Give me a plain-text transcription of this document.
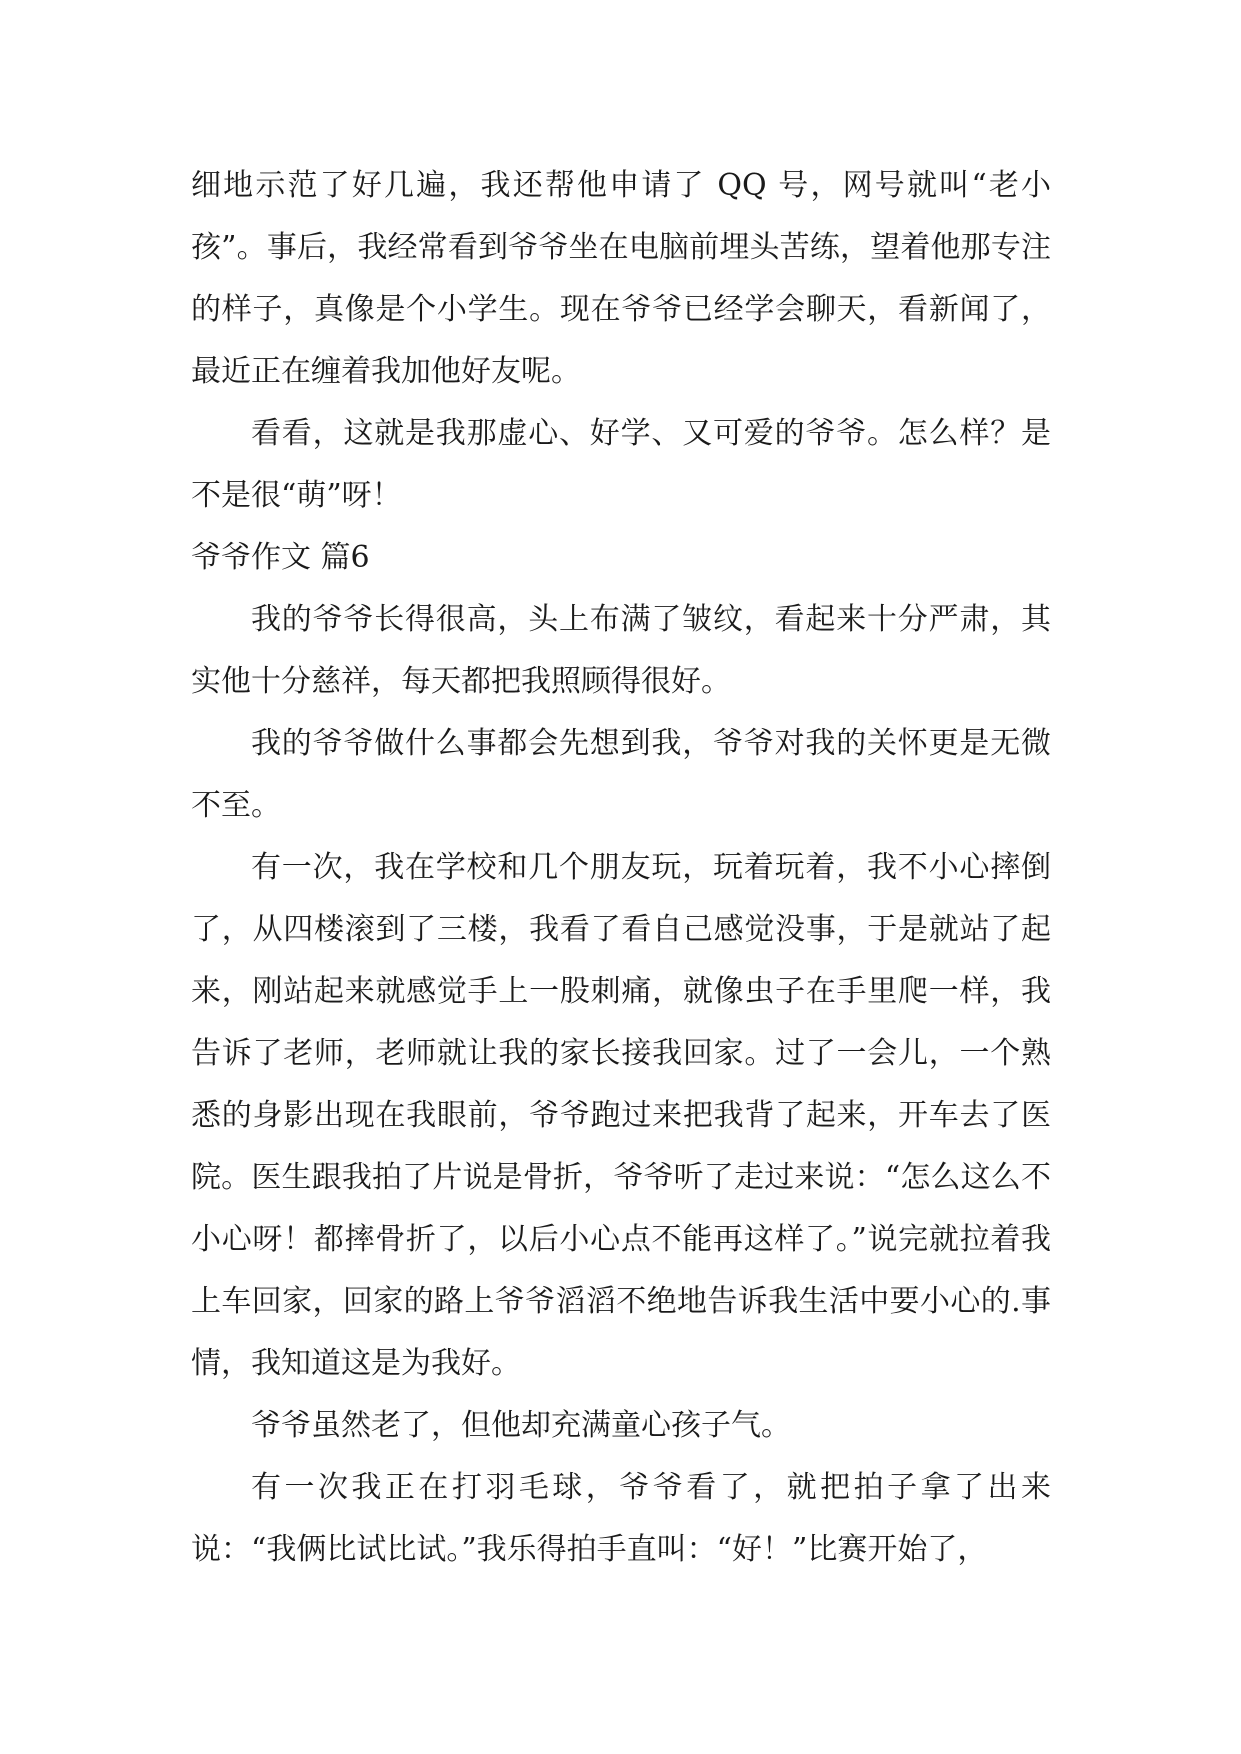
细地示范了好几遍，我还帮他申请了 QQ 号，网号就叫“老小孩”。事后，我经常看到爷爷坐在电脑前埋头苦练，望着他那专注的样子，真像是个小学生。现在爷爷已经学会聊天，看新闻了，最近正在缠着我加他好友呢。

看看，这就是我那虚心、好学、又可爱的爷爷。怎么样？是不是很“萌”呀！

爷爷作文 篇6

我的爷爷长得很高，头上布满了皱纹，看起来十分严肃，其实他十分慈祥，每天都把我照顾得很好。

我的爷爷做什么事都会先想到我，爷爷对我的关怀更是无微不至。

有一次，我在学校和几个朋友玩，玩着玩着，我不小心摔倒了，从四楼滚到了三楼，我看了看自己感觉没事，于是就站了起来，刚站起来就感觉手上一股刺痛，就像虫子在手里爬一样，我告诉了老师，老师就让我的家长接我回家。过了一会儿，一个熟悉的身影出现在我眼前，爷爷跑过来把我背了起来，开车去了医院。医生跟我拍了片说是骨折，爷爷听了走过来说：“怎么这么不小心呀！都摔骨折了，以后小心点不能再这样了。”说完就拉着我上车回家，回家的路上爷爷滔滔不绝地告诉我生活中要小心的.事情，我知道这是为我好。

爷爷虽然老了，但他却充满童心孩子气。

有一次我正在打羽毛球，爷爷看了，就把拍子拿了出来说：“我俩比试比试。”我乐得拍手直叫：“好！”比赛开始了，
